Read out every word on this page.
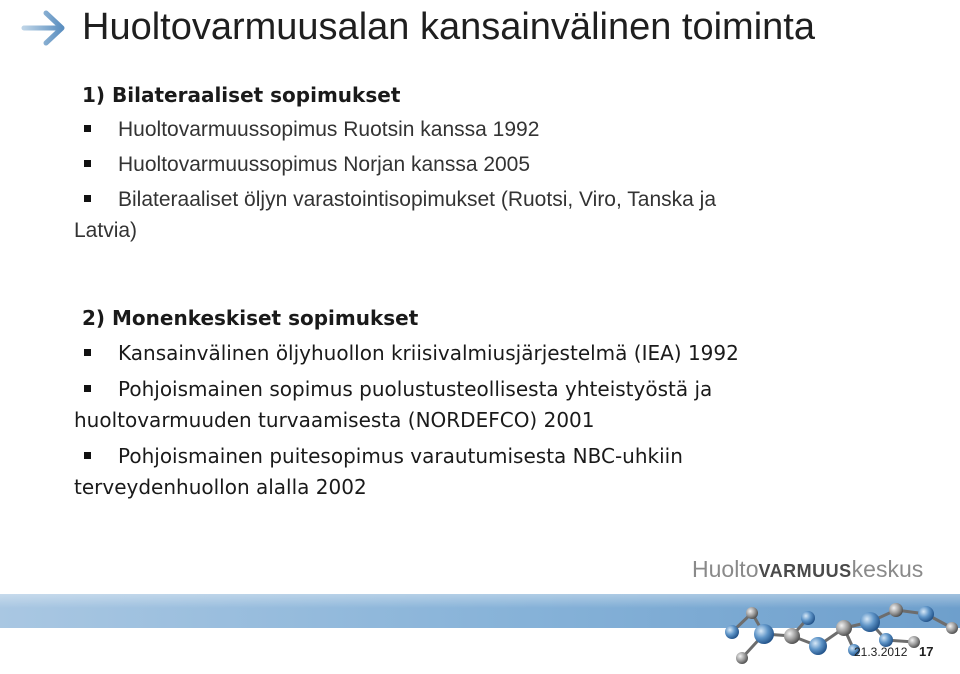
Huoltovarmuusalan kansainvälinen toiminta
1) Bilateraaliset sopimukset
Huoltovarmuussopimus Ruotsin kanssa 1992
Huoltovarmuussopimus Norjan kanssa 2005
Bilateraaliset öljyn varastointisopimukset (Ruotsi, Viro, Tanska ja
Latvia)
2) Monenkeskiset sopimukset
Kansainvälinen öljyhuollon kriisivalmiusjärjestelmä (IEA) 1992
Pohjoismainen sopimus puolustusteollisesta yhteistyöstä ja
huoltovarmuuden turvaamisesta (NORDEFCO) 2001
Pohjoismainen puitesopimus varautumisesta NBC-uhkiin
terveydenhuollon alalla 2002
HuoltoVARMUUSkeskus
21.3.2012 17
